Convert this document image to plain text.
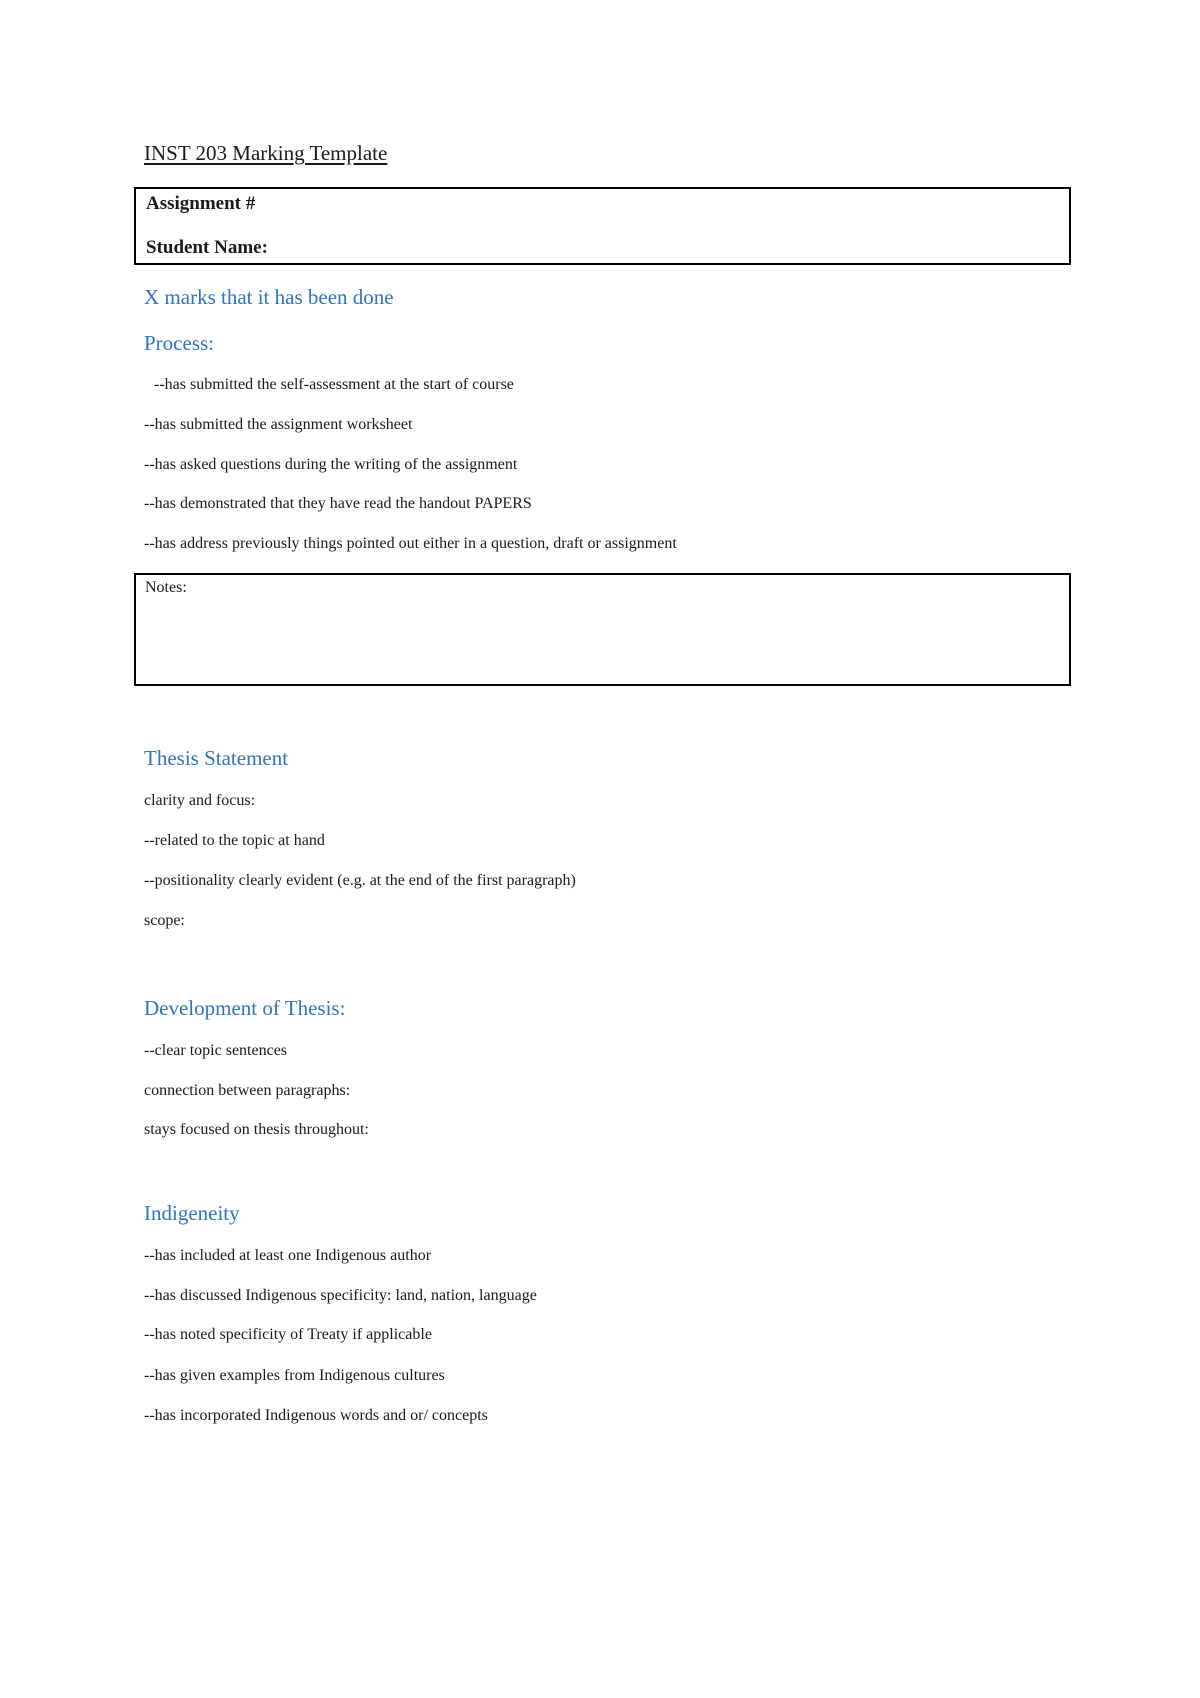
INST 203 Marking Template
Assignment #
Student Name:
X marks that it has been done
Process:
--has submitted the self-assessment at the start of course
--has submitted the assignment worksheet
--has asked questions during the writing of the assignment
--has demonstrated that they have read the handout PAPERS
--has address previously things pointed out either in a question, draft or assignment
Notes:
Thesis Statement
clarity and focus:
--related to the topic at hand
--positionality clearly evident (e.g. at the end of the first paragraph)
scope:
Development of Thesis:
--clear topic sentences
connection between paragraphs:
stays focused on thesis throughout:
Indigeneity
--has included at least one Indigenous author
--has discussed Indigenous specificity: land, nation, language
--has noted specificity of Treaty if applicable
--has given examples from Indigenous cultures
--has incorporated Indigenous words and or/ concepts
